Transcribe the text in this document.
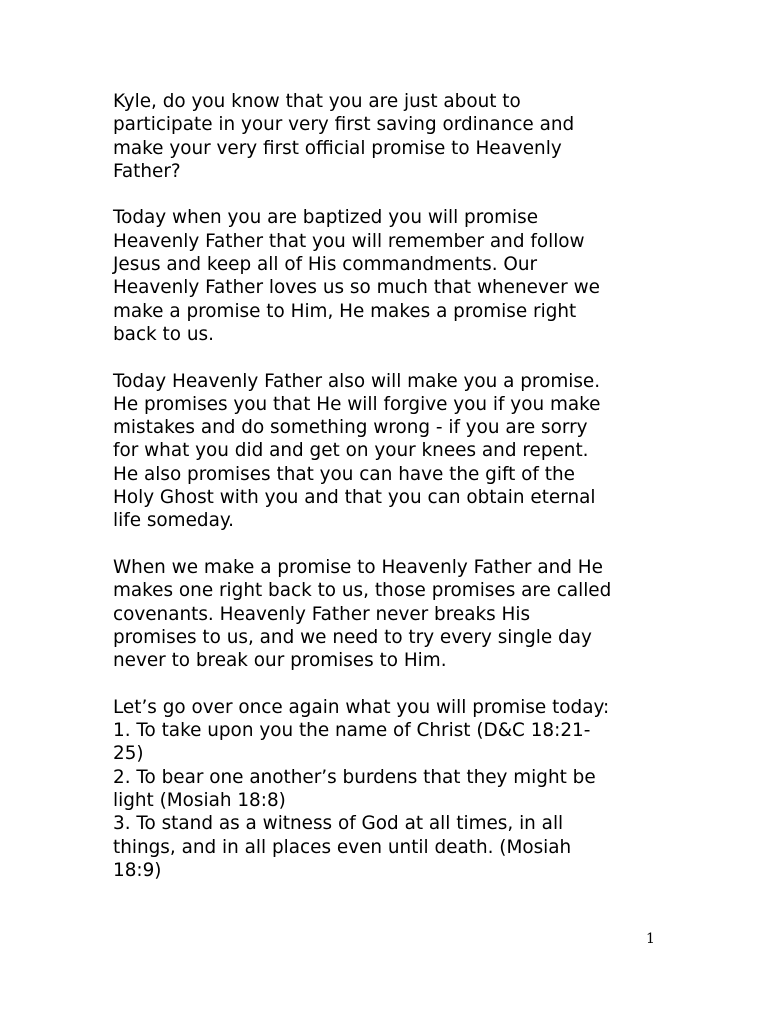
Kyle, do you know that you are just about to
participate in your very first saving ordinance and
make your very first official promise to Heavenly
Father?

Today when you are baptized you will promise
Heavenly Father that you will remember and follow
Jesus and keep all of His commandments. Our
Heavenly Father loves us so much that whenever we
make a promise to Him, He makes a promise right
back to us.

Today Heavenly Father also will make you a promise.
He promises you that He will forgive you if you make
mistakes and do something wrong - if you are sorry
for what you did and get on your knees and repent.
He also promises that you can have the gift of the
Holy Ghost with you and that you can obtain eternal
life someday.

When we make a promise to Heavenly Father and He
makes one right back to us, those promises are called
covenants. Heavenly Father never breaks His
promises to us, and we need to try every single day
never to break our promises to Him.

Let’s go over once again what you will promise today:
1. To take upon you the name of Christ (D&C 18:21-
25)
2. To bear one another’s burdens that they might be
light (Mosiah 18:8)
3. To stand as a witness of God at all times, in all
things, and in all places even until death. (Mosiah
18:9)

1
